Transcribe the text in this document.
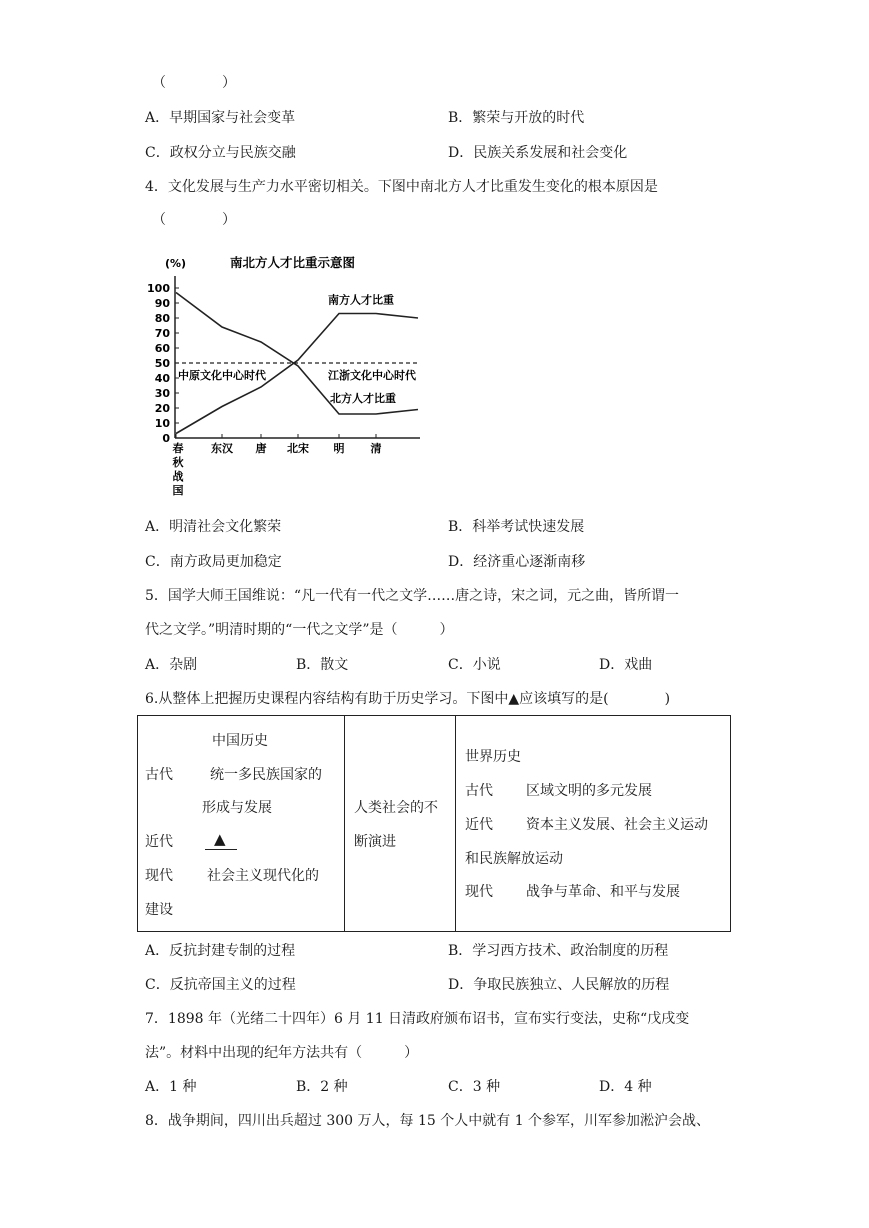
（　　　　）
A．早期国家与社会变革	B．繁荣与开放的时代
C．政权分立与民族交融	D．民族关系发展和社会变化
4．文化发展与生产力水平密切相关。下图中南北方人才比重发生变化的根本原因是
（　　　　）
南北方人才比重示意图
(%)
0
10
20
30
40
50
60
70
80
90
100
春
秋
战
国
东汉 唐 北宋 明 清
南方人才比重
北方人才比重
中原文化中心时代	江浙文化中心时代
A．明清社会文化繁荣	B．科举考试快速发展
C．南方政局更加稳定	D．经济重心逐渐南移
5．国学大师王国维说：“凡一代有一代之文学……唐之诗，宋之词，元之曲，皆所谓一
代之文学。”明清时期的“一代之文学”是（　　　）
A．杂剧	B．散文	C．小说	D．戏曲
6.从整体上把握历史课程内容结构有助于历史学习。下图中▲应该填写的是(　　　　)
中国历史
古代	统一多民族国家的
形成与发展
近代	▲
现代 社会主义现代化的
建设
人类社会的不
断演进
世界历史
古代 区域文明的多元发展
近代 资本主义发展、社会主义运动
和民族解放运动
现代 战争与革命、和平与发展
A．反抗封建专制的过程	B．学习西方技术、政治制度的历程
C．反抗帝国主义的过程	D．争取民族独立、人民解放的历程
7．1898 年（光绪二十四年）6 月 11 日清政府颁布诏书，宣布实行变法，史称“戊戌变
法”。材料中出现的纪年方法共有（　　　）
A．1 种	B．2 种	C．3 种	D．4 种
8．战争期间，四川出兵超过 300 万人，每 15 个人中就有 1 个参军，川军参加淞沪会战、
